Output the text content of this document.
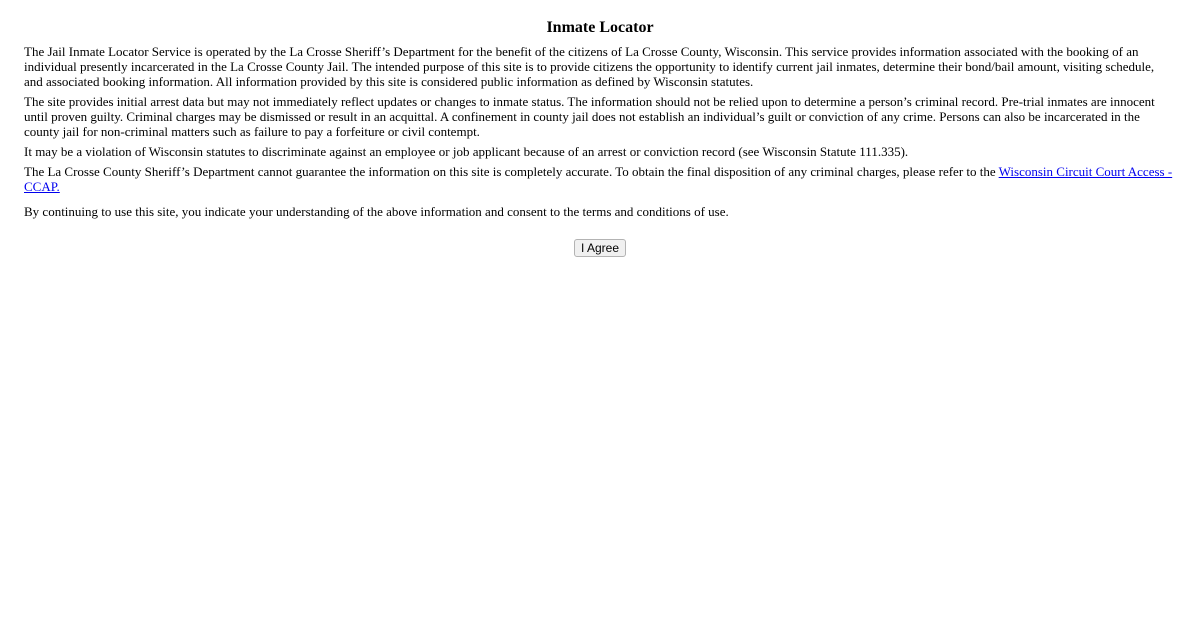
Inmate Locator

The Jail Inmate Locator Service is operated by the La Crosse Sheriff’s Department for the benefit of the citizens of La Crosse County, Wisconsin. This service provides information associated with the booking of an individual presently incarcerated in the La Crosse County Jail. The intended purpose of this site is to provide citizens the opportunity to identify current jail inmates, determine their bond/bail amount, visiting schedule, and associated booking information. All information provided by this site is considered public information as defined by Wisconsin statutes.

The site provides initial arrest data but may not immediately reflect updates or changes to inmate status. The information should not be relied upon to determine a person’s criminal record. Pre-trial inmates are innocent until proven guilty. Criminal charges may be dismissed or result in an acquittal. A confinement in county jail does not establish an individual’s guilt or conviction of any crime. Persons can also be incarcerated in the county jail for non-criminal matters such as failure to pay a forfeiture or civil contempt.

It may be a violation of Wisconsin statutes to discriminate against an employee or job applicant because of an arrest or conviction record (see Wisconsin Statute 111.335).

The La Crosse County Sheriff’s Department cannot guarantee the information on this site is completely accurate. To obtain the final disposition of any criminal charges, please refer to the Wisconsin Circuit Court Access - CCAP.

By continuing to use this site, you indicate your understanding of the above information and consent to the terms and conditions of use.

I Agree
